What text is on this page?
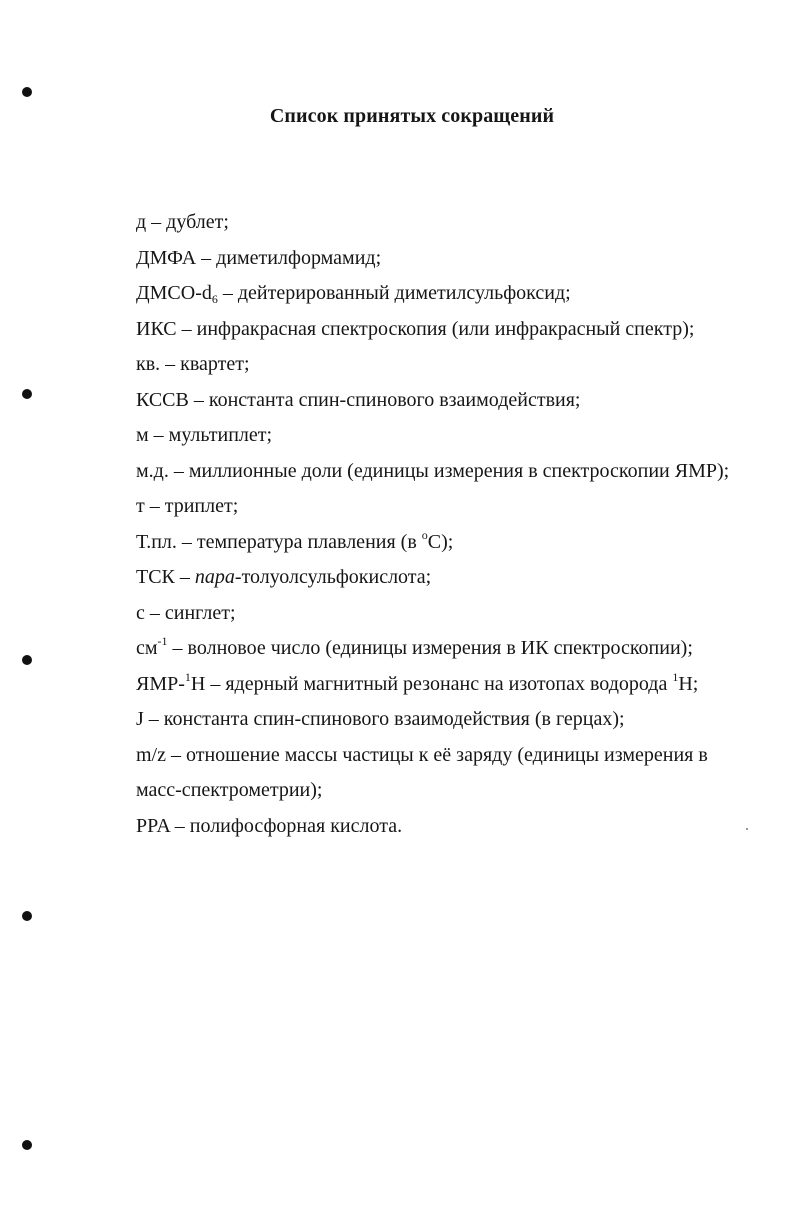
Список принятых сокращений
д – дублет;
ДМФА – диметилформамид;
ДМСО-$d_6$ – дейтерированный диметилсульфоксид;
ИКС – инфракрасная спектроскопия (или инфракрасный спектр);
кв. – квартет;
КССВ – константа спин-спинового взаимодействия;
м – мультиплет;
м.д. – миллионные доли (единицы измерения в спектроскопии ЯМР);
т – триплет;
Т.пл. – температура плавления (в $^o$С);
ТСК – пара-толуолсульфокислота;
с – синглет;
$см^{-1}$ – волновое число (единицы измерения в ИК спектроскопии);
ЯМР-$^1$Н – ядерный магнитный резонанс на изотопах водорода $^1$Н;
J – константа спин-спинового взаимодействия (в герцах);
m/z – отношение массы частицы к её заряду (единицы измерения в
масс-спектрометрии);
PPA – полифосфорная кислота.
